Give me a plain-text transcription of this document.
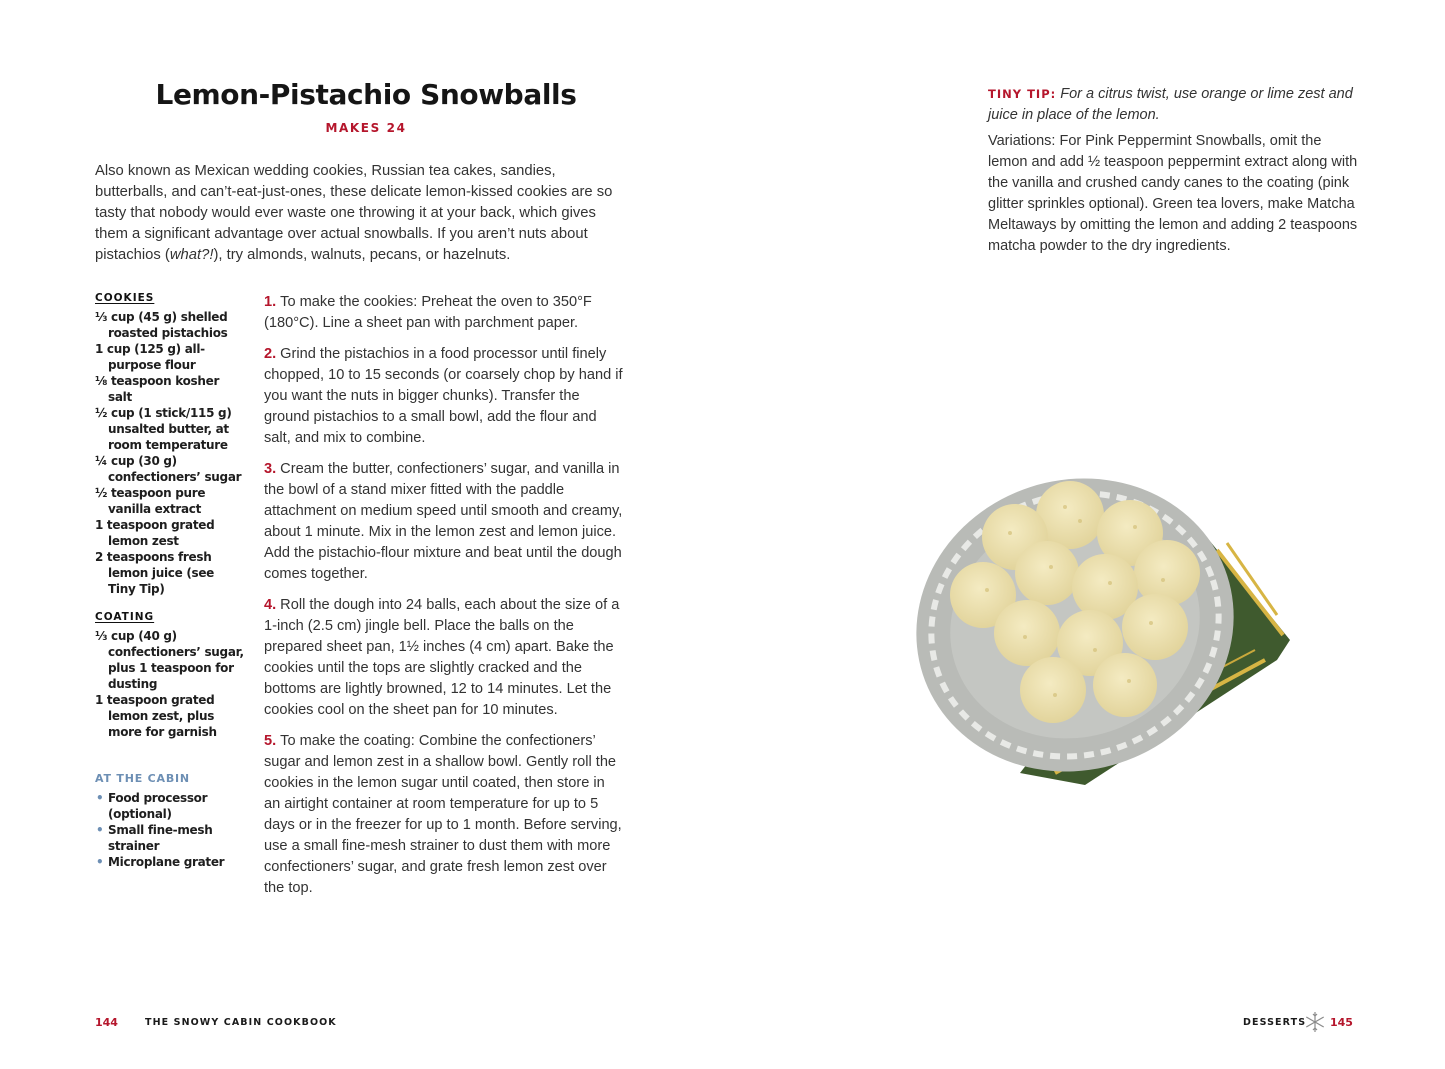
Lemon-Pistachio Snowballs
MAKES 24

Also known as Mexican wedding cookies, Russian tea cakes, sandies, butterballs, and can’t-eat-just-ones, these delicate lemon-kissed cookies are so tasty that nobody would ever waste one throwing it at your back, which gives them a significant advantage over actual snowballs. If you aren’t nuts about pistachios (what?!), try almonds, walnuts, pecans, or hazelnuts.

COOKIES
⅓ cup (45 g) shelled roasted pistachios
1 cup (125 g) all-purpose flour
⅛ teaspoon kosher salt
½ cup (1 stick/115 g) unsalted butter, at room temperature
¼ cup (30 g) confectioners’ sugar
½ teaspoon pure vanilla extract
1 teaspoon grated lemon zest
2 teaspoons fresh lemon juice (see Tiny Tip)
COATING
⅓ cup (40 g) confectioners’ sugar, plus 1 teaspoon for dusting
1 teaspoon grated lemon zest, plus more for garnish
AT THE CABIN
• Food processor (optional)
• Small fine-mesh strainer
• Microplane grater

1. To make the cookies: Preheat the oven to 350°F (180°C). Line a sheet pan with parchment paper.

2. Grind the pistachios in a food processor until finely chopped, 10 to 15 seconds (or coarsely chop by hand if you want the nuts in bigger chunks). Transfer the ground pistachios to a small bowl, add the flour and salt, and mix to combine.

3. Cream the butter, confectioners’ sugar, and vanilla in the bowl of a stand mixer fitted with the paddle attachment on medium speed until smooth and creamy, about 1 minute. Mix in the lemon zest and lemon juice. Add the pistachio-flour mixture and beat until the dough comes together.

4. Roll the dough into 24 balls, each about the size of a 1-inch (2.5 cm) jingle bell. Place the balls on the prepared sheet pan, 1½ inches (4 cm) apart. Bake the cookies until the tops are slightly cracked and the bottoms are lightly browned, 12 to 14 minutes. Let the cookies cool on the sheet pan for 10 minutes.

5. To make the coating: Combine the confectioners’ sugar and lemon zest in a shallow bowl. Gently roll the cookies in the lemon sugar until coated, then store in an airtight container at room temperature for up to 5 days or in the freezer for up to 1 month. Before serving, use a small fine-mesh strainer to dust them with more confectioners’ sugar, and grate fresh lemon zest over the top.

144	THE SNOWY CABIN COOKBOOK

TINY TIP: For a citrus twist, use orange or lime zest and juice in place of the lemon.

Variations: For Pink Peppermint Snowballs, omit the lemon and add ½ teaspoon peppermint extract along with the vanilla and crushed candy canes to the coating (pink glitter sprinkles optional). Green tea lovers, make Matcha Meltaways by omitting the lemon and adding 2 teaspoons matcha powder to the dry ingredients.

DESSERTS 145
